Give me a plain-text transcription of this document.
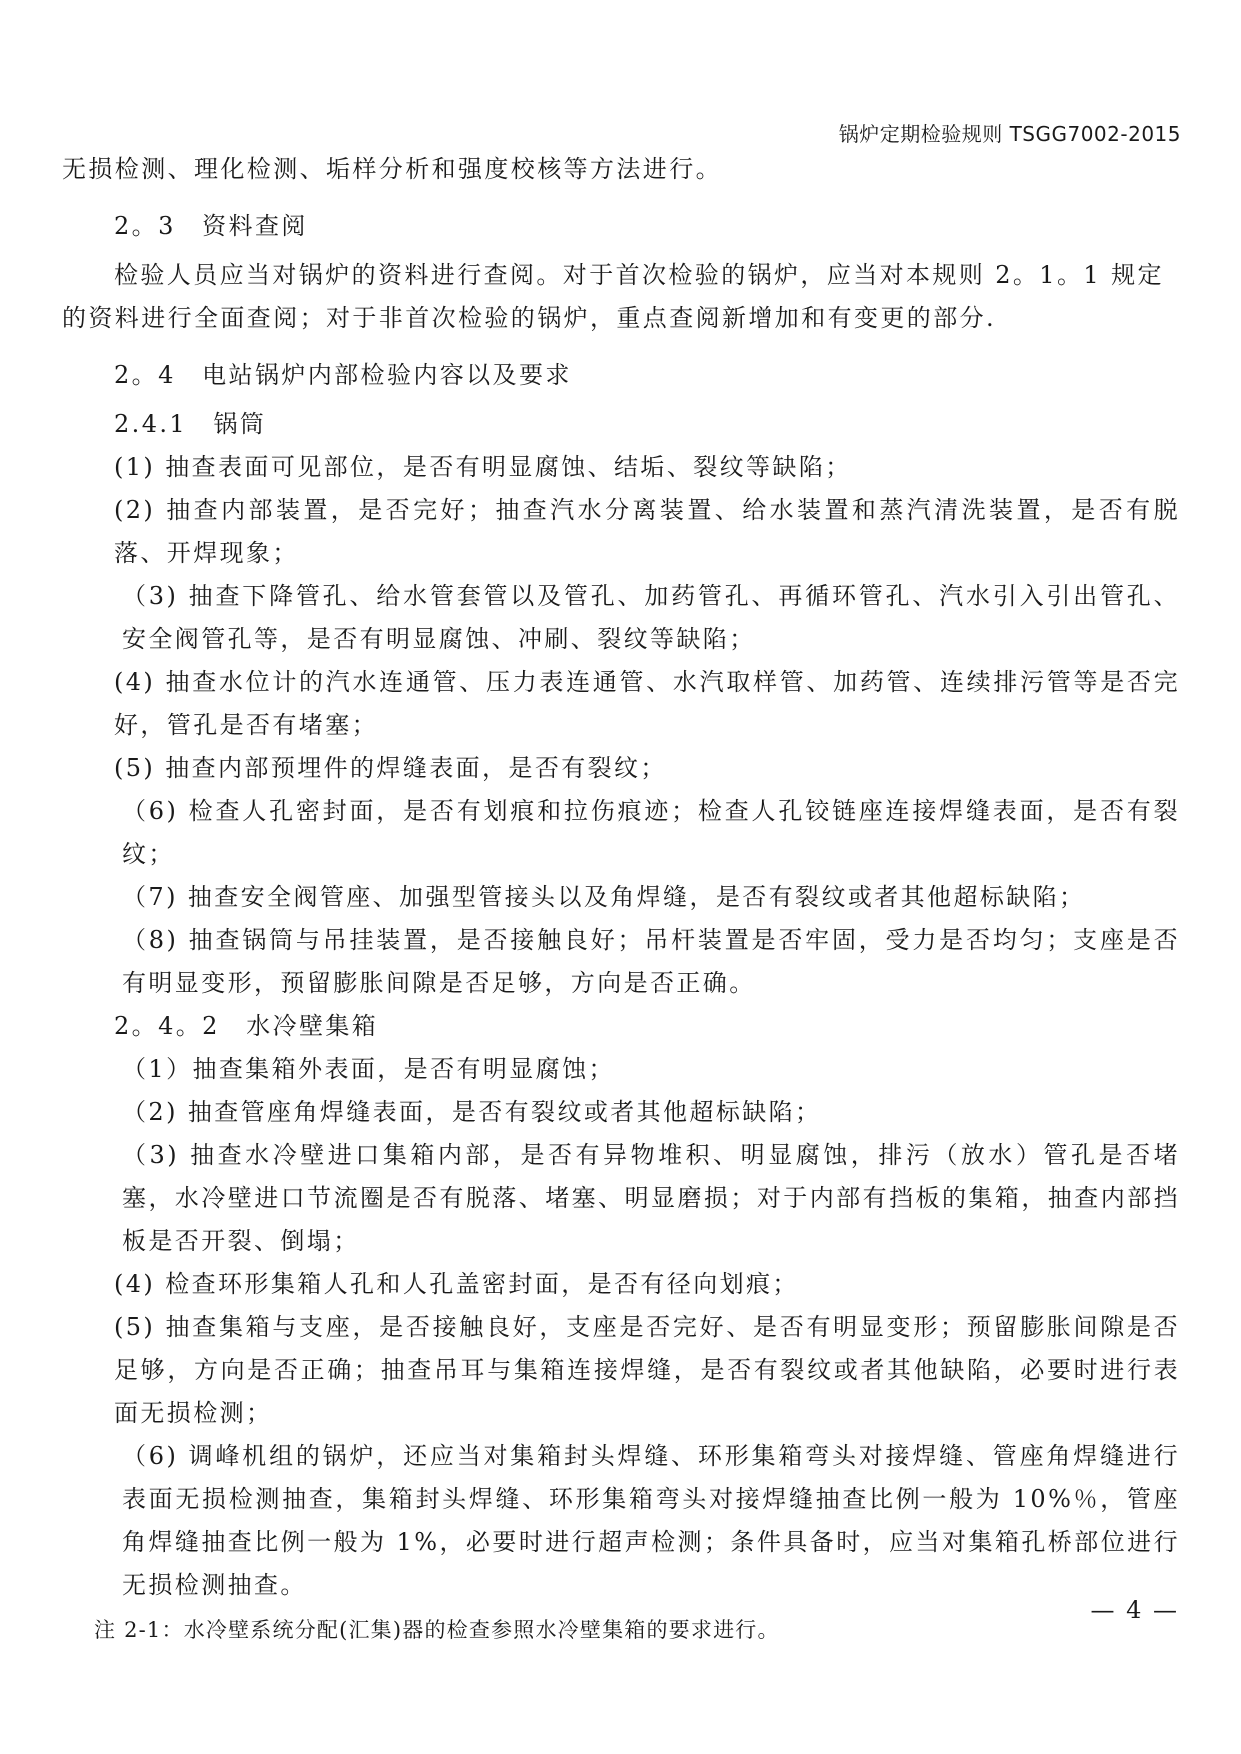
锅炉定期检验规则 TSGG7002-2015

无损检测、理化检测、垢样分析和强度校核等方法进行。

2。3　资料查阅

检验人员应当对锅炉的资料进行查阅。对于首次检验的锅炉，应当对本规则 2。1。1 规定

的资料进行全面查阅；对于非首次检验的锅炉，重点查阅新增加和有变更的部分.

2。4　电站锅炉内部检验内容以及要求

2.4.1　锅筒

(1) 抽查表面可见部位，是否有明显腐蚀、结垢、裂纹等缺陷；

(2) 抽查内部装置，是否完好；抽查汽水分离装置、给水装置和蒸汽清洗装置，是否有脱落、开焊现象；

（3) 抽查下降管孔、给水管套管以及管孔、加药管孔、再循环管孔、汽水引入引出管孔、安全阀管孔等，是否有明显腐蚀、冲刷、裂纹等缺陷；

(4) 抽查水位计的汽水连通管、压力表连通管、水汽取样管、加药管、连续排污管等是否完好，管孔是否有堵塞；

(5) 抽查内部预埋件的焊缝表面，是否有裂纹；

（6) 检查人孔密封面，是否有划痕和拉伤痕迹；检查人孔铰链座连接焊缝表面，是否有裂纹；

（7) 抽查安全阀管座、加强型管接头以及角焊缝，是否有裂纹或者其他超标缺陷；

（8) 抽查锅筒与吊挂装置，是否接触良好；吊杆装置是否牢固，受力是否均匀；支座是否有明显变形，预留膨胀间隙是否足够，方向是否正确。

2。4。2　水冷壁集箱

（1）抽查集箱外表面，是否有明显腐蚀；

（2) 抽查管座角焊缝表面，是否有裂纹或者其他超标缺陷；

（3) 抽查水冷壁进口集箱内部，是否有异物堆积、明显腐蚀，排污（放水）管孔是否堵塞，水冷壁进口节流圈是否有脱落、堵塞、明显磨损；对于内部有挡板的集箱，抽查内部挡板是否开裂、倒塌；

(4) 检查环形集箱人孔和人孔盖密封面，是否有径向划痕；

(5) 抽查集箱与支座，是否接触良好，支座是否完好、是否有明显变形；预留膨胀间隙是否足够，方向是否正确；抽查吊耳与集箱连接焊缝，是否有裂纹或者其他缺陷，必要时进行表面无损检测；

（6) 调峰机组的锅炉，还应当对集箱封头焊缝、环形集箱弯头对接焊缝、管座角焊缝进行表面无损检测抽查，集箱封头焊缝、环形集箱弯头对接焊缝抽查比例一般为 10%％，管座角焊缝抽查比例一般为 1%，必要时进行超声检测；条件具备时，应当对集箱孔桥部位进行无损检测抽查。

注 2-1：水冷壁系统分配(汇集)器的检查参照水冷壁集箱的要求进行。

— 4 —
